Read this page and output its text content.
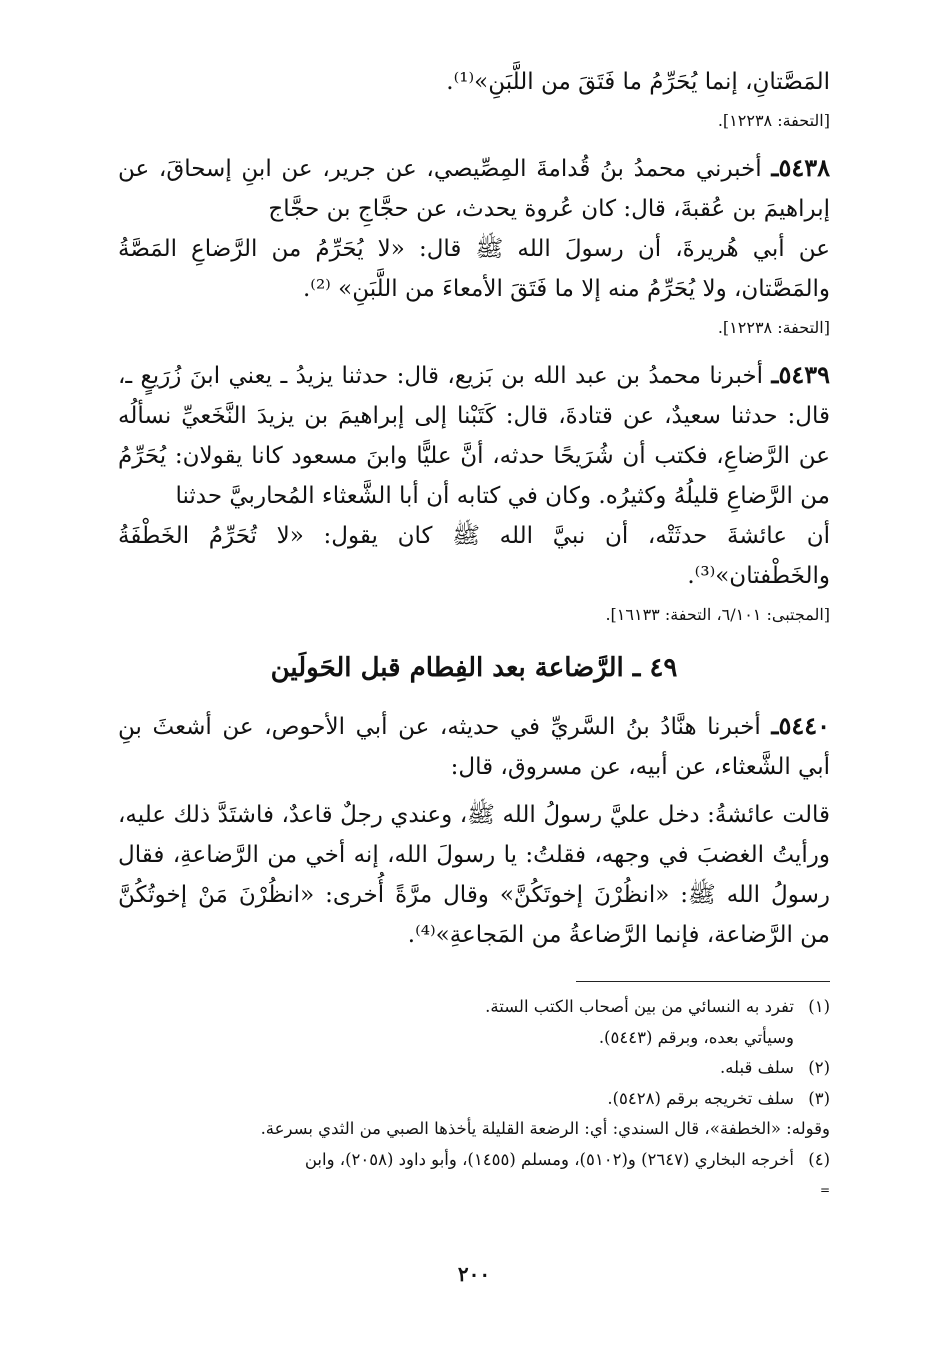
المَصَّتانِ، إنما يُحَرِّمُ ما فَتَقَ من اللَّبَنِ»⁽¹⁾.
[التحفة: ١٢٢٣٨].

٥٤٣٨ـ أخبرني محمدُ بنُ قُدامةَ المِصِّيصي، عن جرير، عن ابنِ إسحاقَ، عن إبراهيمَ بن عُقبةَ، قال: كان عُروة يحدث، عن حجَّاجِ بن حجَّاج

عن أبي هُريرةَ، أن رسولَ الله ﷺ قال: «لا يُحَرِّمُ من الرَّضاعِ المَصَّةُ والمَصَّتان، ولا يُحَرِّمُ منه إلا ما فَتَقَ الأمعاءَ من اللَّبَنِ» ⁽²⁾.

[التحفة: ١٢٢٣٨].

٥٤٣٩ـ أخبرنا محمدُ بن عبد الله بن بَزيع، قال: حدثنا يزيدُ ـ يعني ابنَ زُرَيعٍ ـ، قال: حدثنا سعيدٌ، عن قتادةَ، قال: كَتَبْنا إلى إبراهيمَ بن يزيدَ النَّخَعيِّ نسألُه عن الرَّضاعِ، فكتب أن شُرَيحًا حدثه، أنَّ عليًّا وابنَ مسعود كانا يقولان: يُحَرِّمُ من الرَّضاعِ قليلُهُ وكثيرُه. وكان في كتابه أن أبا الشَّعثاء المُحاربيَّ حدثنا

أن عائشةَ حدثَتْه، أن نبيَّ الله ﷺ كان يقول: «لا تُحَرِّمُ الخَطْفَةُ والخَطْفتان»⁽³⁾.

[المجتبى: ٦/١٠١، التحفة: ١٦١٣٣].
٤٩ ـ الرَّضاعة بعد الفِطام قبل الحَولَين

٥٤٤٠ـ أخبرنا هنَّادُ بنُ السَّريِّ في حديثه، عن أبي الأحوص، عن أشعثَ بنِ أبي الشَّعثاء، عن أبيه، عن مسروق، قال:

قالت عائشةُ: دخل عليَّ رسولُ الله ﷺ، وعندي رجلٌ قاعدٌ، فاشتَدَّ ذلك عليه، ورأيتُ الغضبَ في وجهه، فقلتُ: يا رسولَ الله، إنه أخي من الرَّضاعةِ، فقال رسولُ الله ﷺ: «انظُرْنَ إخوتَكُنَّ» وقال مرَّةً أُخرى: «انظُرْنَ مَنْ إخوتُكُنَّ من الرَّضاعة، فإنما الرَّضاعةُ من المَجاعةِ»⁽⁴⁾.

(١)تفرد به النسائي من بين أصحاب الكتب الستة.

وسيأتي بعده، وبرقم (٥٤٤٣).

(٢)سلف قبله.

(٣)سلف تخريجه برقم (٥٤٢٨).

وقوله: «الخطفة»، قال السندي: أي: الرضعة القليلة يأخذها الصبي من الثدي بسرعة.

(٤)أخرجه البخاري (٢٦٤٧) و(٥١٠٢)، ومسلم (١٤٥٥)، وأبو داود (٢٠٥٨)، وابن

=
٢٠٠
